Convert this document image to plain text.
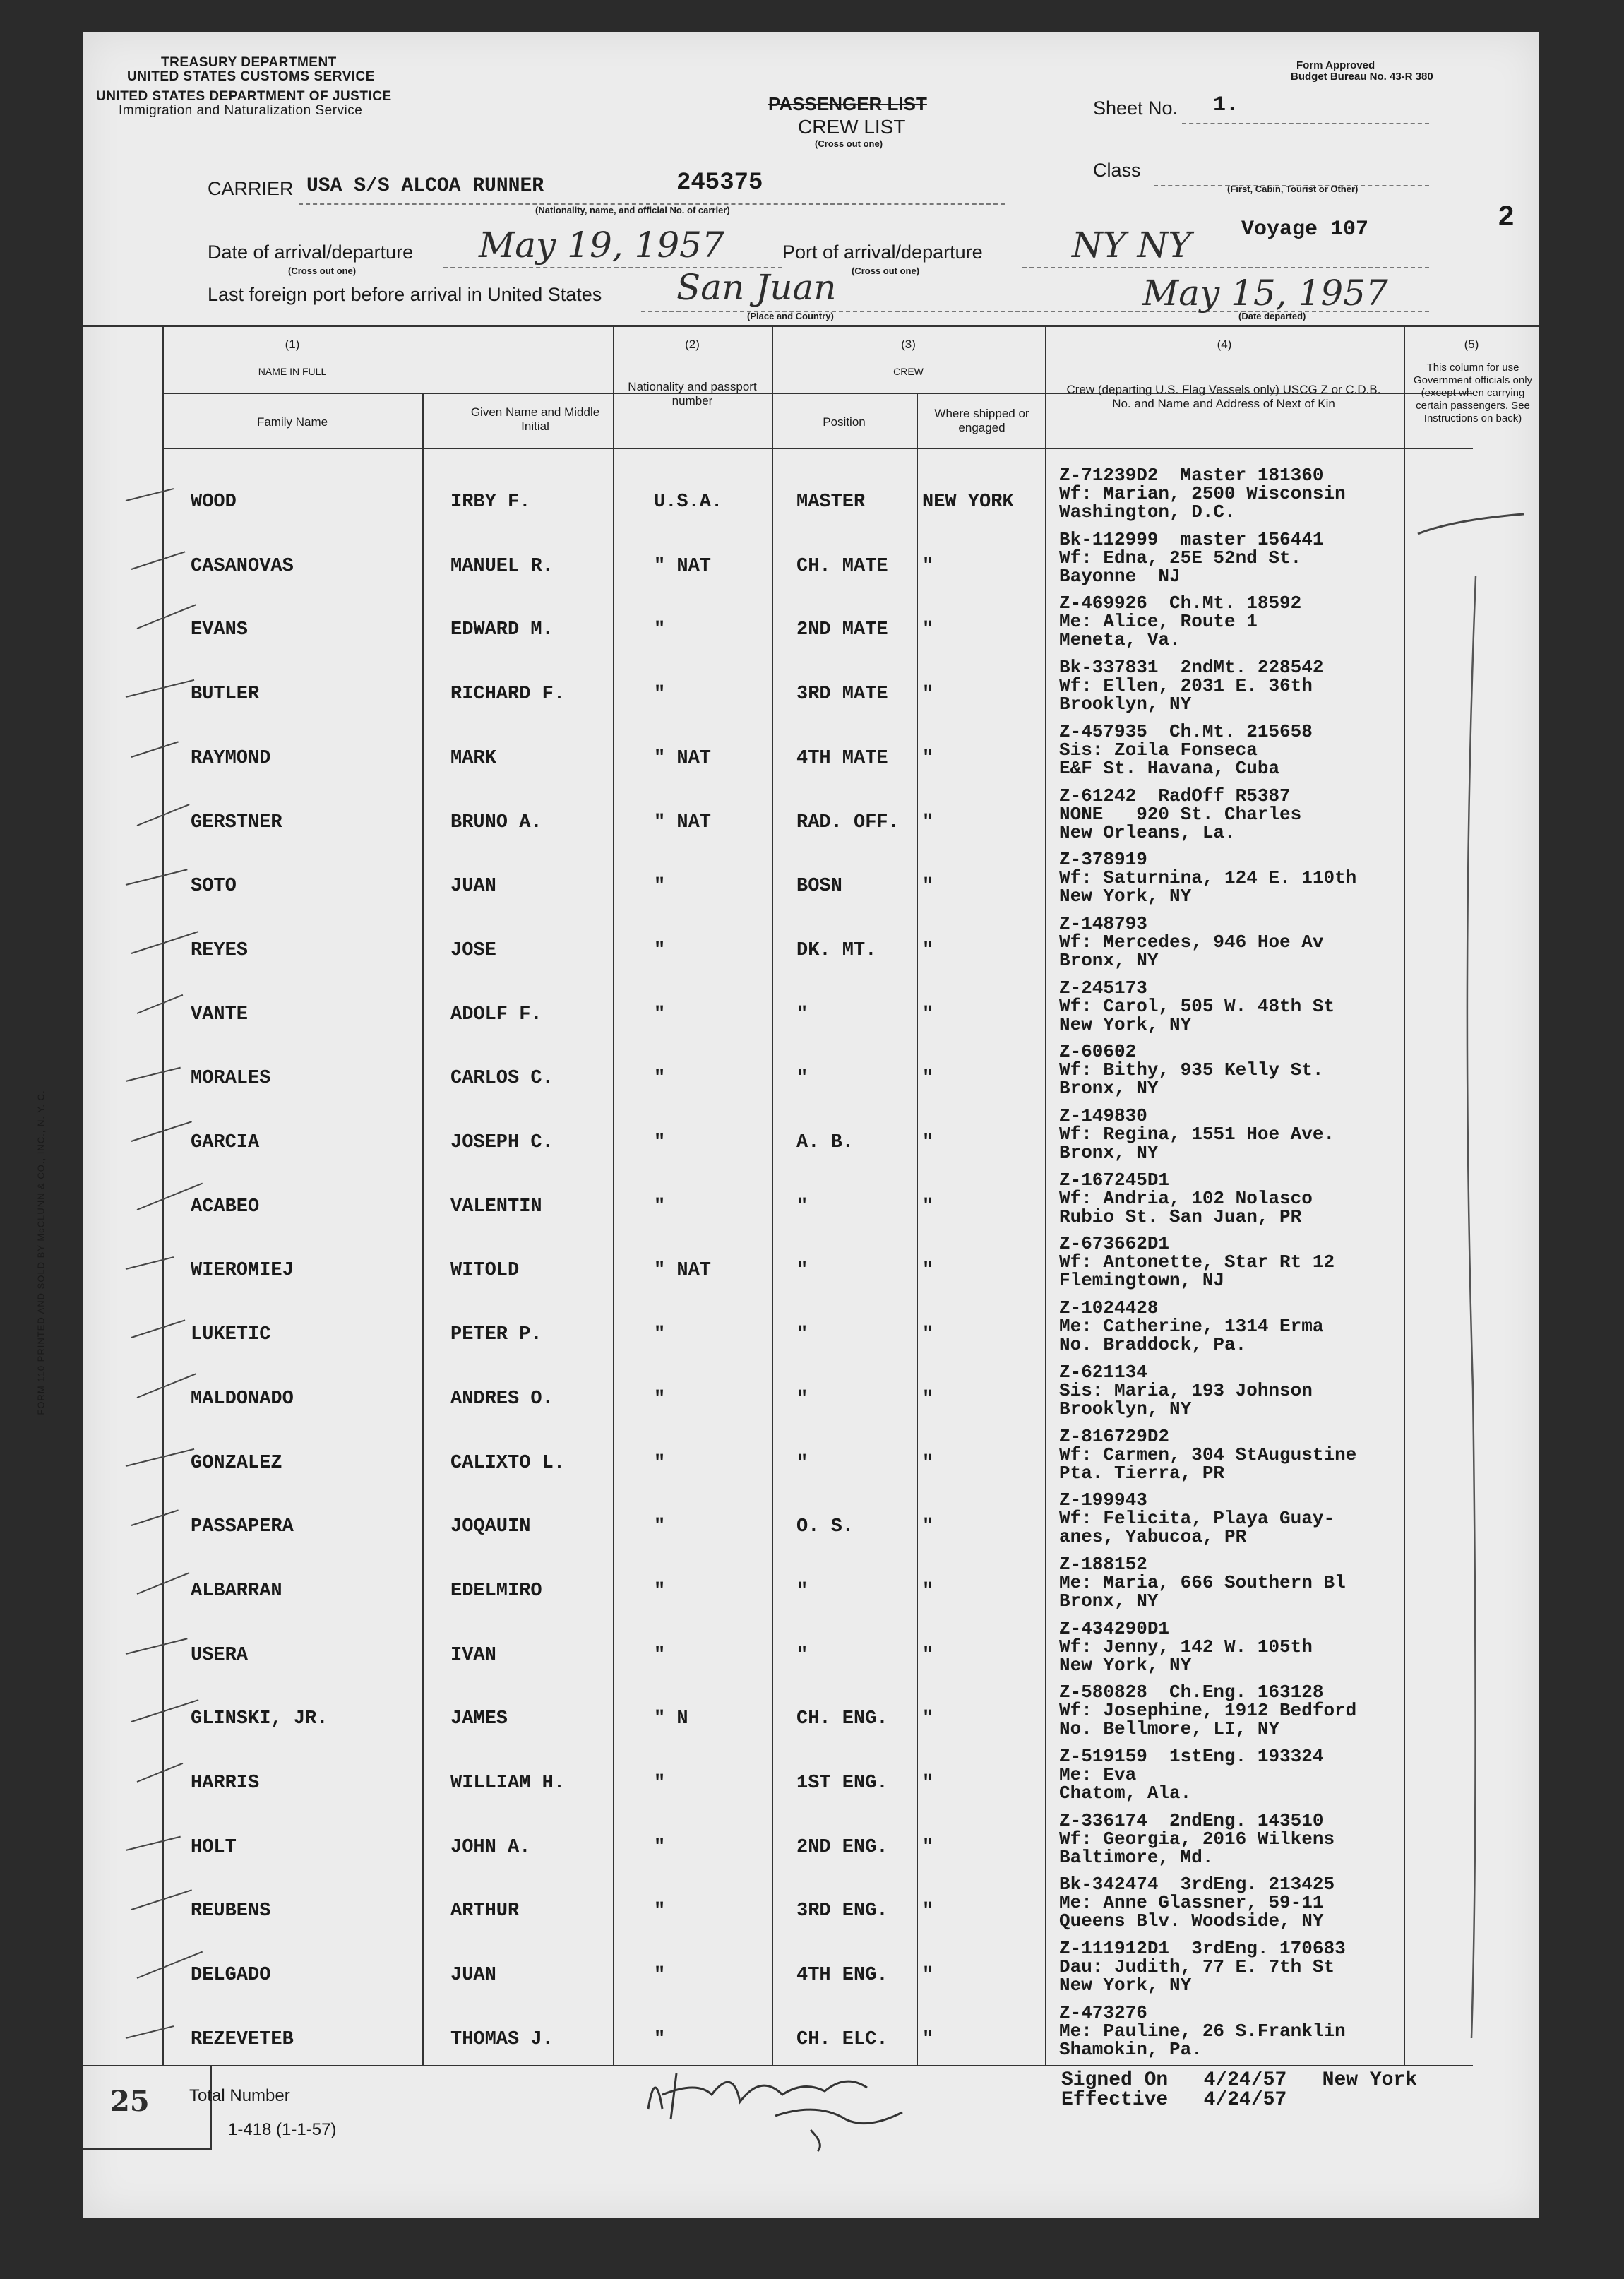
TREASURY DEPARTMENT
UNITED STATES CUSTOMS SERVICE
UNITED STATES DEPARTMENT OF JUSTICE
Immigration and Naturalization Service
Form Approved
Budget Bureau No. 43-R 380
PASSENGER LIST
CREW LIST
(Cross out one)
Sheet No. 1.
Class
(First, Cabin, Tourist or Other)
Voyage 107	2
CARRIER USA S/S ALCOA RUNNER	245375
(Nationality, name, and official No. of carrier)
Date of arrival/departure
(Cross out one)
May 19, 1957	Port of arrival/departure
(Cross out one)
NY NY
Last foreign port before arrival in United States San Juan
(Place and Country)
May 15, 1957
(Date departed)
(1)
NAME IN FULL
Family Name
Given Name and Middle Initial
(2)
Nationality and passport number
(3)
CREW
Position
Where shipped or engaged
(4)
Crew (departing U.S. Flag Vessels only) USCG Z or C.D.B. No. and Name and Address of Next of Kin
(5)
This column for use Government officials only (except when carrying certain passengers. See Instructions on back)
WOOD	IRBY F.	U.S.A.	MASTER	NEW YORK
Z-71239D2  Master 181360
Wf: Marian, 2500 Wisconsin
Washington, D.C.
CASANOVAS	MANUEL R.	" NAT	CH. MATE "
Bk-112999  master 156441
Wf: Edna, 25E 52nd St.
Bayonne  NJ
EVANS	EDWARD M.	"	2ND MATE "
Z-469926  Ch.Mt. 18592
Me: Alice, Route 1
Meneta, Va.
BUTLER	RICHARD F.	"	3RD MATE "
Bk-337831  2ndMt. 228542
Wf: Ellen, 2031 E. 36th
Brooklyn, NY
RAYMOND	MARK	" NAT	4TH MATE "
Z-457935  Ch.Mt. 215658
Sis: Zoila Fonseca
E&F St. Havana, Cuba
GERSTNER	BRUNO A.	" NAT	RAD. OFF. "
Z-61242  RadOff R5387
NONE   920 St. Charles
New Orleans, La.
SOTO	JUAN	"	BOSN	"
Z-378919
Wf: Saturnina, 124 E. 110th
New York, NY
REYES	JOSE	"	DK. MT. "
Z-148793
Wf: Mercedes, 946 Hoe Av
Bronx, NY
VANTE	ADOLF F.	"	"	"
Z-245173
Wf: Carol, 505 W. 48th St
New York, NY
MORALES	CARLOS C.	"	"	"
Z-60602
Wf: Bithy, 935 Kelly St.
Bronx, NY
GARCIA	JOSEPH C.	"	A. B.	"
Z-149830
Wf: Regina, 1551 Hoe Ave.
Bronx, NY
ACABEO	VALENTIN	"	"	"
Z-167245D1
Wf: Andria, 102 Nolasco
Rubio St. San Juan, PR
WIEROMIEJ	WITOLD	" NAT	"	"
Z-673662D1
Wf: Antonette, Star Rt 12
Flemingtown, NJ
LUKETIC	PETER P.	"	"	"
Z-1024428
Me: Catherine, 1314 Erma
No. Braddock, Pa.
MALDONADO	ANDRES O.	"	"	"
Z-621134
Sis: Maria, 193 Johnson
Brooklyn, NY
GONZALEZ	CALIXTO L.	"	"	"
Z-816729D2
Wf: Carmen, 304 StAugustine
Pta. Tierra, PR
PASSAPERA	JOQAUIN	"	O. S.	"
Z-199943
Wf: Felicita, Playa Guay-
anes, Yabucoa, PR
ALBARRAN	EDELMIRO	"	"	"
Z-188152
Me: Maria, 666 Southern Bl
Bronx, NY
USERA	IVAN	"	"	"
Z-434290D1
Wf: Jenny, 142 W. 105th
New York, NY
GLINSKI, JR.	JAMES	" N	CH. ENG. "
Z-580828  Ch.Eng. 163128
Wf: Josephine, 1912 Bedford
No. Bellmore, LI, NY
HARRIS	WILLIAM H.	"	1ST ENG. "
Z-519159  1stEng. 193324
Me: Eva
Chatom, Ala.
HOLT	JOHN A.	"	2ND ENG. "
Z-336174  2ndEng. 143510
Wf: Georgia, 2016 Wilkens
Baltimore, Md.
REUBENS	ARTHUR	"	3RD ENG. "
Bk-342474  3rdEng. 213425
Me: Anne Glassner, 59-11
Queens Blv. Woodside, NY
DELGADO	JUAN	"	4TH ENG. "
Z-111912D1  3rdEng. 170683
Dau: Judith, 77 E. 7th St
New York, NY
REZEVETEB	THOMAS J.	"	CH. ELC. "
Z-473276
Me: Pauline, 26 S.Franklin
Shamokin, Pa.
25 Total Number
1-418 (1-1-57)
Signed On   4/24/57   New York
Effective   4/24/57
FORM 110 PRINTED AND SOLD BY McCLUNN & CO., INC., N. Y. C.
